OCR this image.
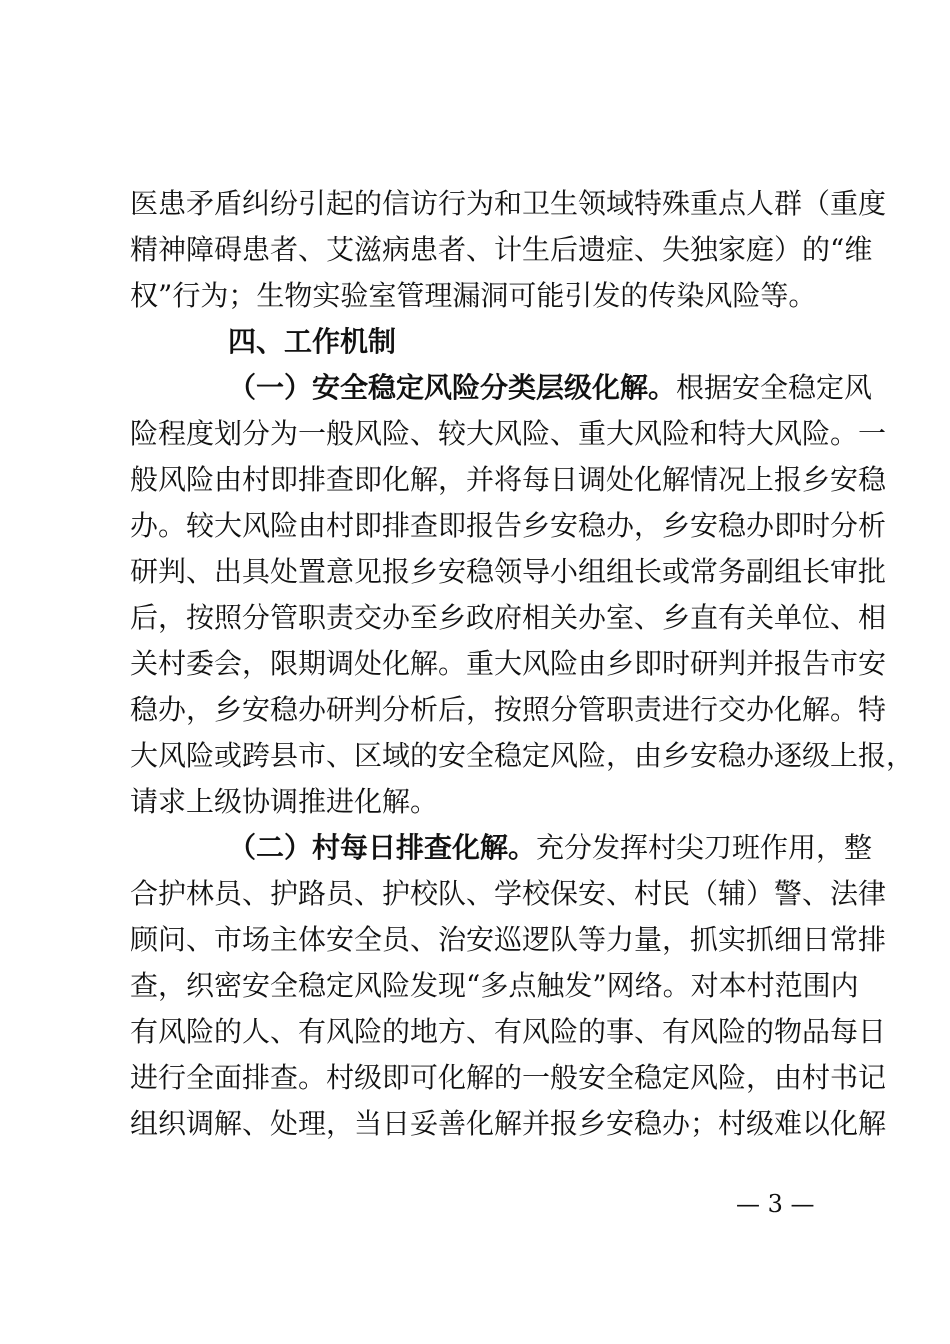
医患矛盾纠纷引起的信访行为和卫生领域特殊重点人群（重度
精神障碍患者、艾滋病患者、计生后遗症、失独家庭）的“维
权”行为；生物实验室管理漏洞可能引发的传染风险等。
四、工作机制
（一）安全稳定风险分类层级化解。根据安全稳定风
险程度划分为一般风险、较大风险、重大风险和特大风险。一
般风险由村即排查即化解，并将每日调处化解情况上报乡安稳
办。较大风险由村即排查即报告乡安稳办，乡安稳办即时分析
研判、出具处置意见报乡安稳领导小组组长或常务副组长审批
后，按照分管职责交办至乡政府相关办室、乡直有关单位、相
关村委会，限期调处化解。重大风险由乡即时研判并报告市安
稳办，乡安稳办研判分析后，按照分管职责进行交办化解。特
大风险或跨县市、区域的安全稳定风险，由乡安稳办逐级上报，
请求上级协调推进化解。
（二）村每日排查化解。充分发挥村尖刀班作用，整
合护林员、护路员、护校队、学校保安、村民（辅）警、法律
顾问、市场主体安全员、治安巡逻队等力量，抓实抓细日常排
查，织密安全稳定风险发现“多点触发”网络。对本村范围内
有风险的人、有风险的地方、有风险的事、有风险的物品每日
进行全面排查。村级即可化解的一般安全稳定风险，由村书记
组织调解、处理，当日妥善化解并报乡安稳办；村级难以化解
— 3 —
